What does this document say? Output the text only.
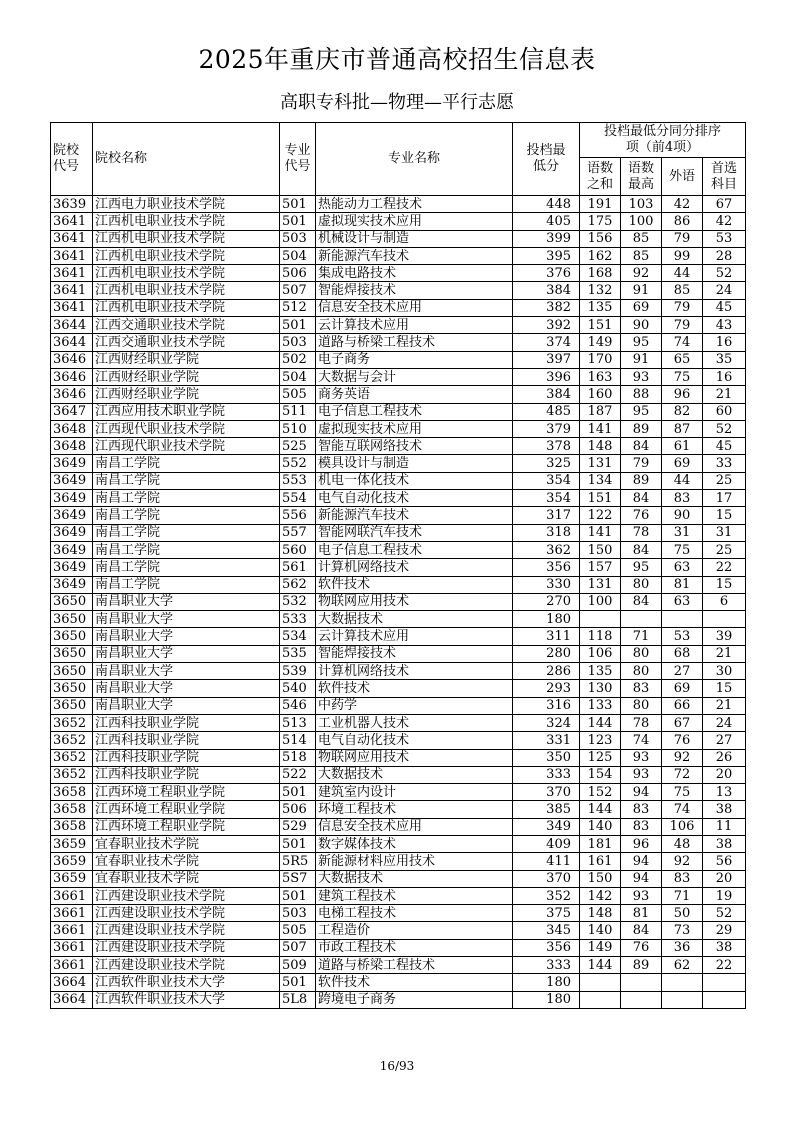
2025年重庆市普通高校招生信息表
高职专科批—物理—平行志愿
院校代号	院校名称	专业代号	专业名称	投档最低分	投档最低分同分排序项（前4项）			
					语数之和	语数最高	外语	首选科目
3639	江西电力职业技术学院	501	热能动力工程技术	448	191	103	42	67
3641	江西机电职业技术学院	501	虚拟现实技术应用	405	175	100	86	42
3641	江西机电职业技术学院	503	机械设计与制造	399	156	85	79	53
3641	江西机电职业技术学院	504	新能源汽车技术	395	162	85	99	28
3641	江西机电职业技术学院	506	集成电路技术	376	168	92	44	52
3641	江西机电职业技术学院	507	智能焊接技术	384	132	91	85	24
3641	江西机电职业技术学院	512	信息安全技术应用	382	135	69	79	45
3644	江西交通职业技术学院	501	云计算技术应用	392	151	90	79	43
3644	江西交通职业技术学院	503	道路与桥梁工程技术	374	149	95	74	16
3646	江西财经职业学院	502	电子商务	397	170	91	65	35
3646	江西财经职业学院	504	大数据与会计	396	163	93	75	16
3646	江西财经职业学院	505	商务英语	384	160	88	96	21
3647	江西应用技术职业学院	511	电子信息工程技术	485	187	95	82	60
3648	江西现代职业技术学院	510	虚拟现实技术应用	379	141	89	87	52
3648	江西现代职业技术学院	525	智能互联网络技术	378	148	84	61	45
3649	南昌工学院	552	模具设计与制造	325	131	79	69	33
3649	南昌工学院	553	机电一体化技术	354	134	89	44	25
3649	南昌工学院	554	电气自动化技术	354	151	84	83	17
3649	南昌工学院	556	新能源汽车技术	317	122	76	90	15
3649	南昌工学院	557	智能网联汽车技术	318	141	78	31	31
3649	南昌工学院	560	电子信息工程技术	362	150	84	75	25
3649	南昌工学院	561	计算机网络技术	356	157	95	63	22
3649	南昌工学院	562	软件技术	330	131	80	81	15
3650	南昌职业大学	532	物联网应用技术	270	100	84	63	6
3650	南昌职业大学	533	大数据技术	180				
3650	南昌职业大学	534	云计算技术应用	311	118	71	53	39
3650	南昌职业大学	535	智能焊接技术	280	106	80	68	21
3650	南昌职业大学	539	计算机网络技术	286	135	80	27	30
3650	南昌职业大学	540	软件技术	293	130	83	69	15
3650	南昌职业大学	546	中药学	316	133	80	66	21
3652	江西科技职业学院	513	工业机器人技术	324	144	78	67	24
3652	江西科技职业学院	514	电气自动化技术	331	123	74	76	27
3652	江西科技职业学院	518	物联网应用技术	350	125	93	92	26
3652	江西科技职业学院	522	大数据技术	333	154	93	72	20
3658	江西环境工程职业学院	501	建筑室内设计	370	152	94	75	13
3658	江西环境工程职业学院	506	环境工程技术	385	144	83	74	38
3658	江西环境工程职业学院	529	信息安全技术应用	349	140	83	106	11
3659	宜春职业技术学院	501	数字媒体技术	409	181	96	48	38
3659	宜春职业技术学院	5R5	新能源材料应用技术	411	161	94	92	56
3659	宜春职业技术学院	5S7	大数据技术	370	150	94	83	20
3661	江西建设职业技术学院	501	建筑工程技术	352	142	93	71	19
3661	江西建设职业技术学院	503	电梯工程技术	375	148	81	50	52
3661	江西建设职业技术学院	505	工程造价	345	140	84	73	29
3661	江西建设职业技术学院	507	市政工程技术	356	149	76	36	38
3661	江西建设职业技术学院	509	道路与桥梁工程技术	333	144	89	62	22
3664	江西软件职业技术大学	501	软件技术	180				
3664	江西软件职业技术大学	5L8	跨境电子商务	180				
16/93
